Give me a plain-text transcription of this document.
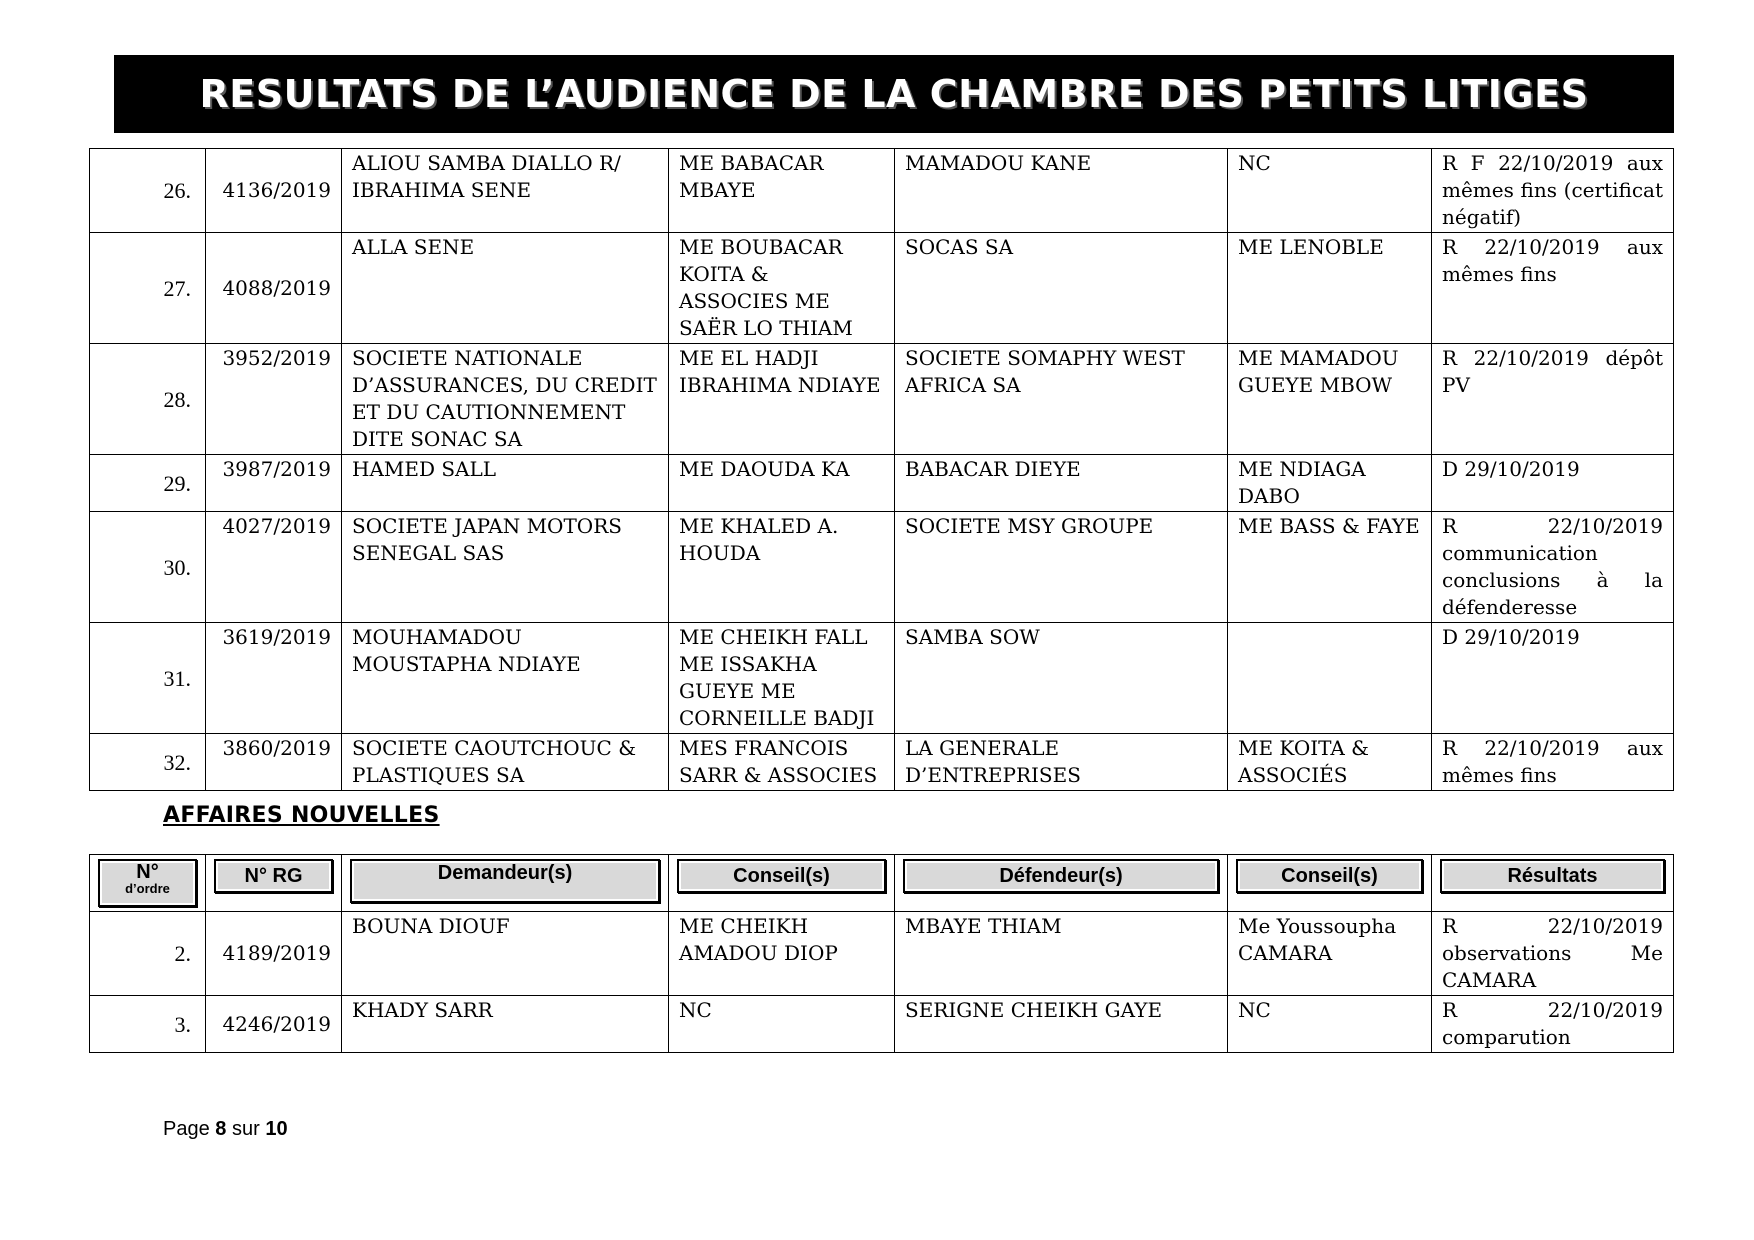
RESULTATS DE L’AUDIENCE DE LA CHAMBRE DES PETITS LITIGES
26.	4136/2019	ALIOU SAMBA DIALLO R/ IBRAHIMA SENE	ME BABACAR MBAYE	MAMADOU KANE	NC	R F 22/10/2019 aux mêmes fins (certificat négatif)
27.	4088/2019	ALLA SENE	ME BOUBACAR KOITA & ASSOCIES ME SAËR LO THIAM	SOCAS SA	ME LENOBLE	R 22/10/2019 aux mêmes fins
28.	3952/2019	SOCIETE NATIONALE D’ASSURANCES, DU CREDIT ET DU CAUTIONNEMENT DITE SONAC SA	ME EL HADJI IBRAHIMA NDIAYE	SOCIETE SOMAPHY WEST AFRICA SA	ME MAMADOU GUEYE MBOW	R 22/10/2019 dépôt PV
29.	3987/2019	HAMED SALL	ME DAOUDA KA	BABACAR DIEYE	ME NDIAGA DABO	D 29/10/2019
30.	4027/2019	SOCIETE JAPAN MOTORS SENEGAL SAS	ME KHALED A. HOUDA	SOCIETE MSY GROUPE	ME BASS & FAYE	R 22/10/2019 communication conclusions à la défenderesse
31.	3619/2019	MOUHAMADOU MOUSTAPHA NDIAYE	ME CHEIKH FALL ME ISSAKHA GUEYE ME CORNEILLE BADJI	SAMBA SOW		D 29/10/2019
32.	3860/2019	SOCIETE CAOUTCHOUC & PLASTIQUES SA	MES FRANCOIS SARR & ASSOCIES	LA GENERALE D’ENTREPRISES	ME KOITA & ASSOCIÉS	R 22/10/2019 aux mêmes fins
AFFAIRES NOUVELLES
N°
d’ordre	N° RG	Demandeur(s)	Conseil(s)	Défendeur(s)	Conseil(s)	Résultats

2.	4189/2019	BOUNA DIOUF	ME CHEIKH AMADOU DIOP	MBAYE THIAM	Me Youssoupha CAMARA	R 22/10/2019 observations Me CAMARA
3.	4246/2019	KHADY SARR	NC	SERIGNE CHEIKH GAYE	NC	R 22/10/2019 comparution
Page 8 sur 10
